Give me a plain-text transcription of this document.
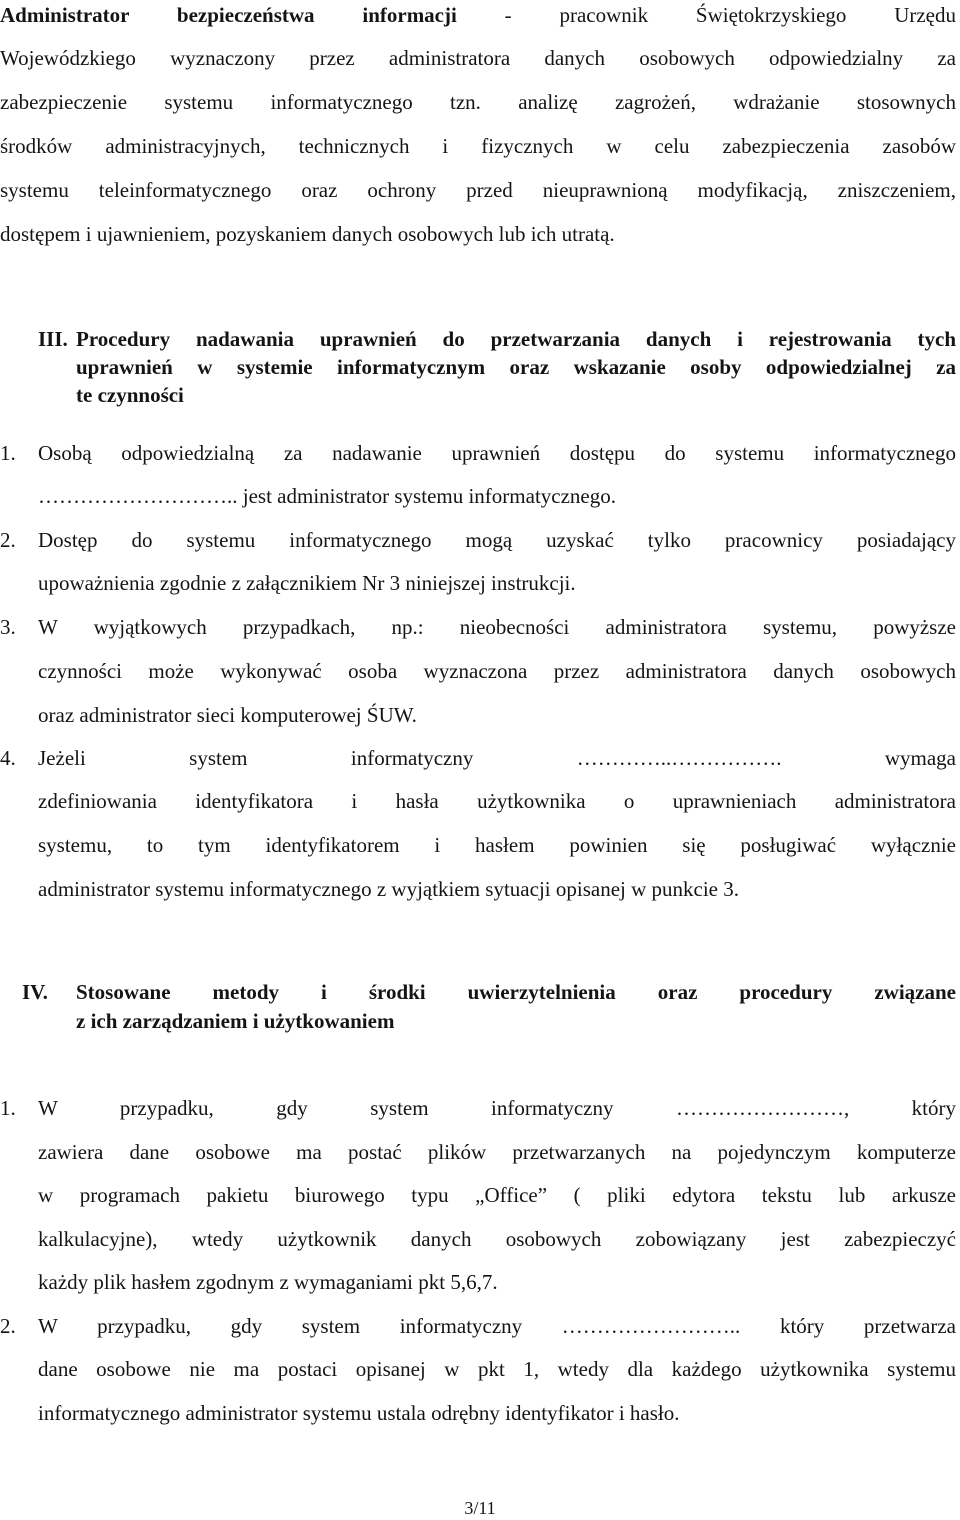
Administrator bezpieczeństwa informacji - pracownik Świętokrzyskiego Urzędu
Wojewódzkiego wyznaczony przez administratora danych osobowych odpowiedzialny za
zabezpieczenie systemu informatycznego tzn. analizę zagrożeń, wdrażanie stosownych
środków administracyjnych, technicznych i fizycznych w celu zabezpieczenia zasobów
systemu teleinformatycznego oraz ochrony przed nieuprawnioną modyfikacją, zniszczeniem,
dostępem i ujawnieniem, pozyskaniem danych osobowych lub ich utratą.
III. Procedury nadawania uprawnień do przetwarzania danych i rejestrowania tych
uprawnień w systemie informatycznym oraz wskazanie osoby odpowiedzialnej za
te czynności
1. Osobą odpowiedzialną za nadawanie uprawnień dostępu do systemu informatycznego
……………………….. jest administrator systemu informatycznego.
2. Dostęp do systemu informatycznego mogą uzyskać tylko pracownicy posiadający
upoważnienia zgodnie z załącznikiem Nr 3 niniejszej instrukcji.
3. W wyjątkowych przypadkach, np.: nieobecności administratora systemu, powyższe
czynności może wykonywać osoba wyznaczona przez administratora danych osobowych
oraz administrator sieci komputerowej ŚUW.
4. Jeżeli system informatyczny …………..……………. wymaga
zdefiniowania identyfikatora i hasła użytkownika o uprawnieniach administratora
systemu, to tym identyfikatorem i hasłem powinien się posługiwać wyłącznie
administrator systemu informatycznego z wyjątkiem sytuacji opisanej w punkcie 3.
IV. Stosowane metody i środki uwierzytelnienia oraz procedury związane
z ich zarządzaniem i użytkowaniem
1. W przypadku, gdy system informatyczny ……………………, który
zawiera dane osobowe ma postać plików przetwarzanych na pojedynczym komputerze
w programach pakietu biurowego typu „Office” ( pliki edytora tekstu lub arkusze
kalkulacyjne), wtedy użytkownik danych osobowych zobowiązany jest zabezpieczyć
każdy plik hasłem zgodnym z wymaganiami pkt 5,6,7.
2. W przypadku, gdy system informatyczny …………………….. który przetwarza
dane osobowe nie ma postaci opisanej w pkt 1, wtedy dla każdego użytkownika systemu
informatycznego administrator systemu ustala odrębny identyfikator i hasło.
3/11
